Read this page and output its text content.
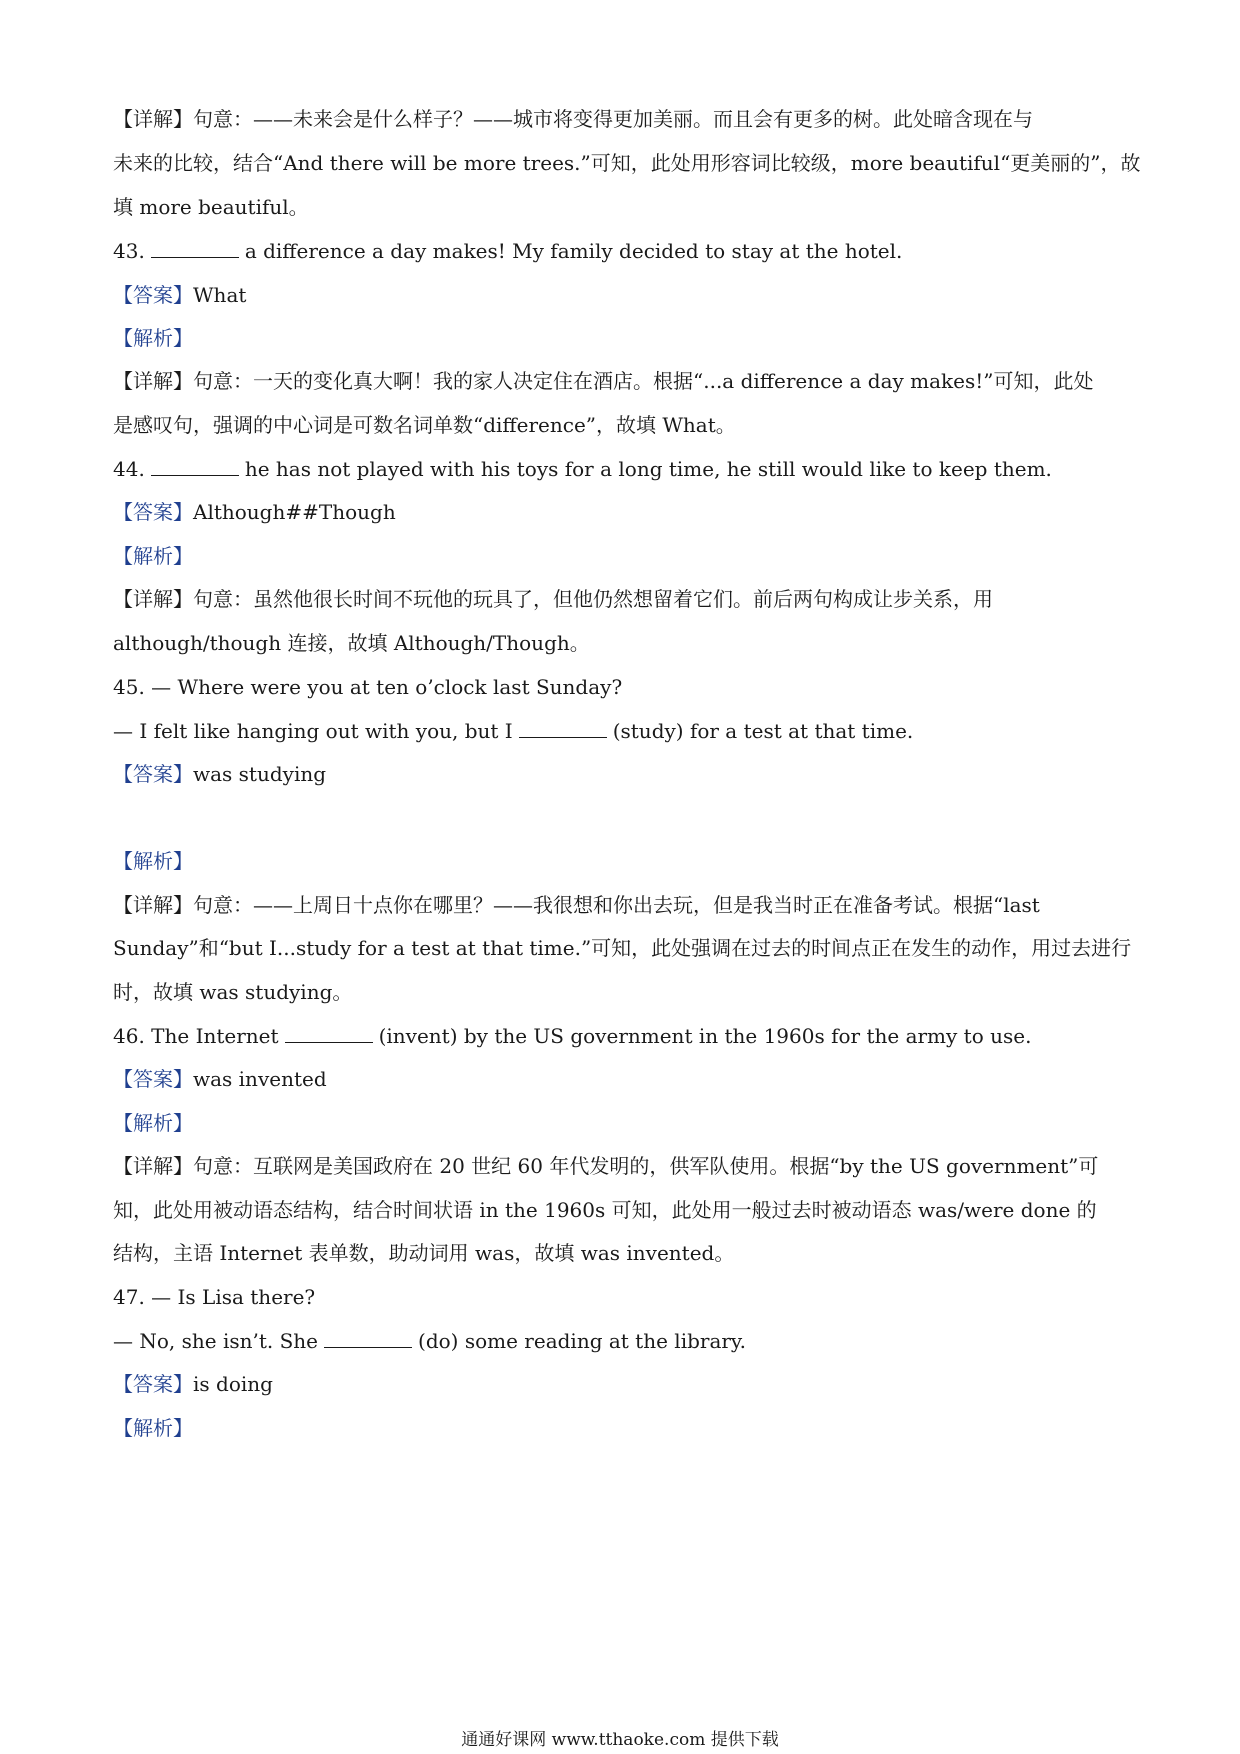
【详解】句意：——未来会是什么样子？——城市将变得更加美丽。而且会有更多的树。此处暗含现在与
未来的比较，结合“And there will be more trees.”可知，此处用形容词比较级，more beautiful“更美丽的”，故
填 more beautiful。
43.	a difference a day makes! My family decided to stay at the hotel.
【答案】What
【解析】
【详解】句意：一天的变化真大啊！我的家人决定住在酒店。根据“...a difference a day makes!”可知，此处
是感叹句，强调的中心词是可数名词单数“difference”，故填 What。
44.	he has not played with his toys for a long time, he still would like to keep them.
【答案】Although##Though
【解析】
【详解】句意：虽然他很长时间不玩他的玩具了，但他仍然想留着它们。前后两句构成让步关系，用
although/though 连接，故填 Although/Though。
45. — Where were you at ten o’clock last Sunday?
— I felt like hanging out with you, but I	(study) for a test at that time.
【答案】was studying
【解析】
【详解】句意：——上周日十点你在哪里？——我很想和你出去玩，但是我当时正在准备考试。根据“last
Sunday”和“but I...study for a test at that time.”可知，此处强调在过去的时间点正在发生的动作，用过去进行
时，故填 was studying。
46. The Internet	(invent) by the US government in the 1960s for the army to use.
【答案】was invented
【解析】
【详解】句意：互联网是美国政府在 20 世纪 60 年代发明的，供军队使用。根据“by the US government”可
知，此处用被动语态结构，结合时间状语 in the 1960s 可知，此处用一般过去时被动语态 was/were done 的
结构，主语 Internet 表单数，助动词用 was，故填 was invented。
47. — Is Lisa there?
— No, she isn’t. She	(do) some reading at the library.
【答案】is doing
【解析】
通通好课网 www.tthaoke.com 提供下载
